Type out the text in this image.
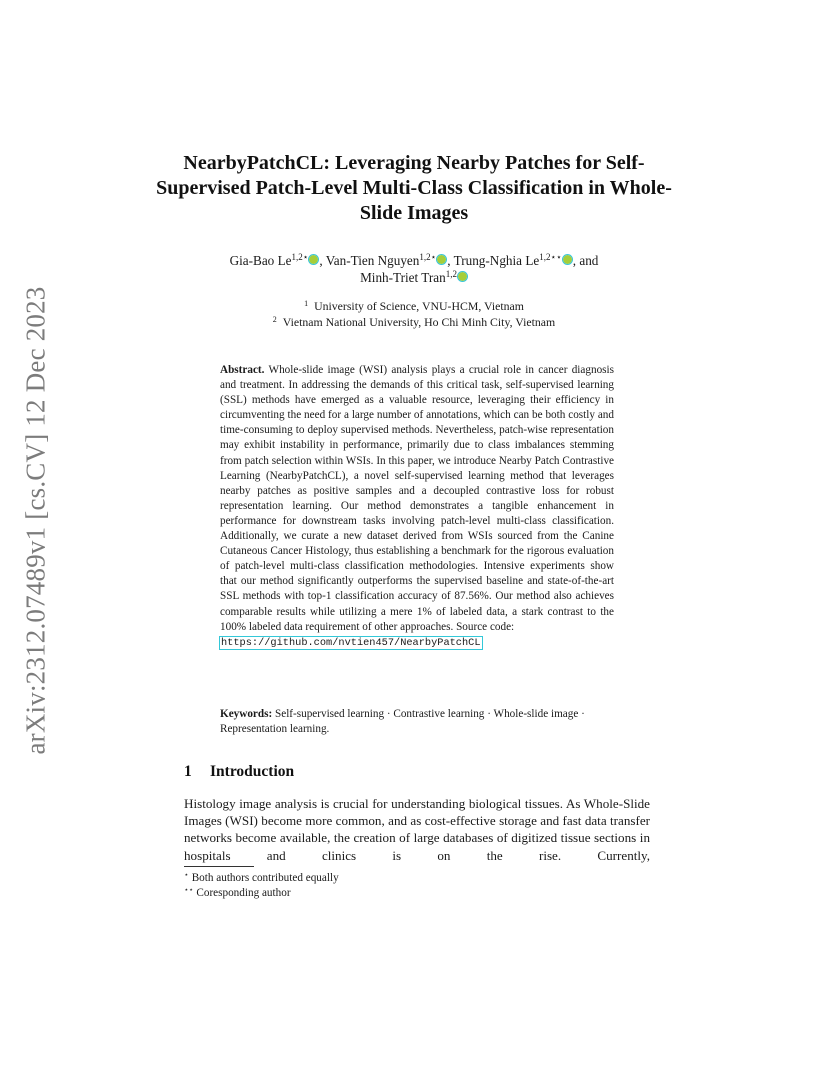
arXiv:2312.07489v1 [cs.CV] 12 Dec 2023
NearbyPatchCL: Leveraging Nearby Patches for Self-Supervised Patch-Level Multi-Class Classification in Whole-Slide Images
Gia-Bao $Le^{1,2⋆}$ , Van-Tien Nguyen$^{1,2⋆}$ , Trung-Nghia $Le^{1,2⋆⋆}$ , and
Minh-Triet Tran$^{1,2}$
$^1$ University of Science, VNU-HCM, Vietnam
$^2$ Vietnam National University, Ho Chi Minh City, Vietnam
Abstract. Whole-slide image (WSI) analysis plays a crucial role in cancer diagnosis and treatment. In addressing the demands of this critical task, self-supervised learning (SSL) methods have emerged as a valuable resource, leveraging their efficiency in circumventing the need for a large number of annotations, which can be both costly and time-consuming to deploy supervised methods. Nevertheless, patch-wise representation may exhibit instability in performance, primarily due to class imbalances stemming from patch selection within WSIs. In this paper, we introduce Nearby Patch Contrastive Learning (NearbyPatchCL), a novel self-supervised learning method that leverages nearby patches as positive samples and a decoupled contrastive loss for robust representation learning. Our method demonstrates a tangible enhancement in performance for downstream tasks involving patch-level multi-class classification. Additionally, we curate a new dataset derived from WSIs sourced from the Canine Cutaneous Cancer Histology, thus establishing a benchmark for the rigorous evaluation of patch-level multi-class classification methodologies. Intensive experiments show that our method significantly outperforms the supervised baseline and state-of-the-art SSL methods with top-1 classification accuracy of 87.56%. Our method also achieves comparable results while utilizing a mere 1% of labeled data, a stark contrast to the 100% labeled data requirement of other approaches. Source code:
https://github.com/nvtien457/NearbyPatchCL
Keywords: Self-supervised learning · Contrastive learning · Whole-slide image · Representation learning.
1 Introduction
Histology image analysis is crucial for understanding biological tissues. As Whole-Slide Images (WSI) become more common, and as cost-effective storage and fast data transfer networks become available, the creation of large databases of digitized tissue sections in hospitals and clinics is on the rise. Currently,
⋆ Both authors contributed equally
⋆⋆ Coresponding author
